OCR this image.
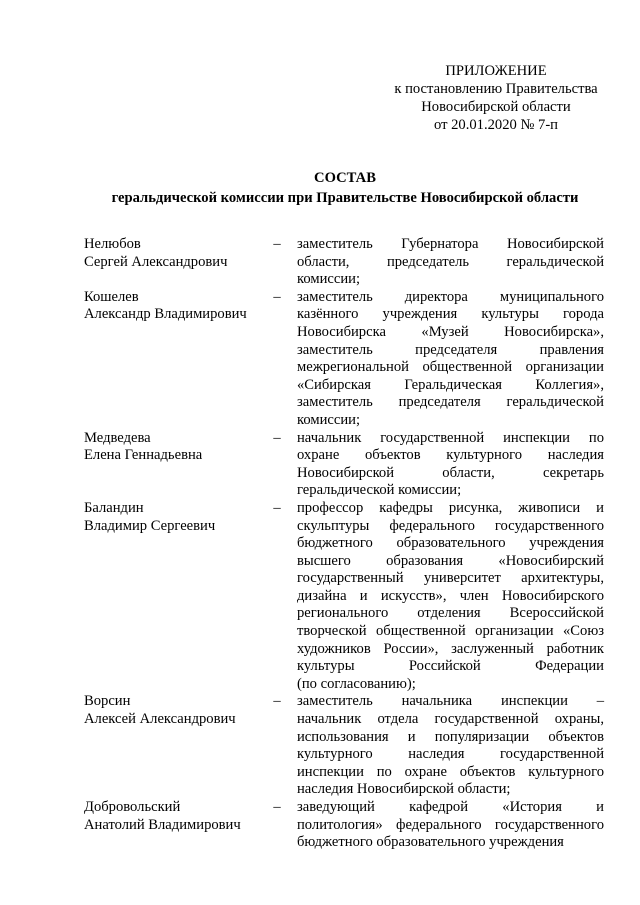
ПРИЛОЖЕНИЕ
к постановлению Правительства
Новосибирской области
от 20.01.2020 № 7-п
СОСТАВ
геральдической комиссии при Правительстве Новосибирской области
Нелюбов
Сергей Александрович
– заместитель Губернатора Новосибирской
области, председатель геральдической
комиссии;
Кошелев
Александр Владимирович
– заместитель директора муниципального
казённого учреждения культуры города
Новосибирска «Музей Новосибирска»,
заместитель председателя правления
межрегиональной общественной организации
«Сибирская Геральдическая Коллегия»,
заместитель председателя геральдической
комиссии;
Медведева
Елена Геннадьевна
– начальник государственной инспекции по
охране объектов культурного наследия
Новосибирской области, секретарь
геральдической комиссии;
Баландин
Владимир Сергеевич
– профессор кафедры рисунка, живописи и
скульптуры федерального государственного
бюджетного образовательного учреждения
высшего образования «Новосибирский
государственный университет архитектуры,
дизайна и искусств», член Новосибирского
регионального отделения Всероссийской
творческой общественной организации «Союз
художников России», заслуженный работник
культуры Российской Федерации
(по согласованию);
Ворсин
Алексей Александрович
– заместитель начальника инспекции –
начальник отдела государственной охраны,
использования и популяризации объектов
культурного наследия государственной
инспекции по охране объектов культурного
наследия Новосибирской области;
Добровольский
Анатолий Владимирович
– заведующий кафедрой «История и
политология» федерального государственного
бюджетного образовательного учреждения
